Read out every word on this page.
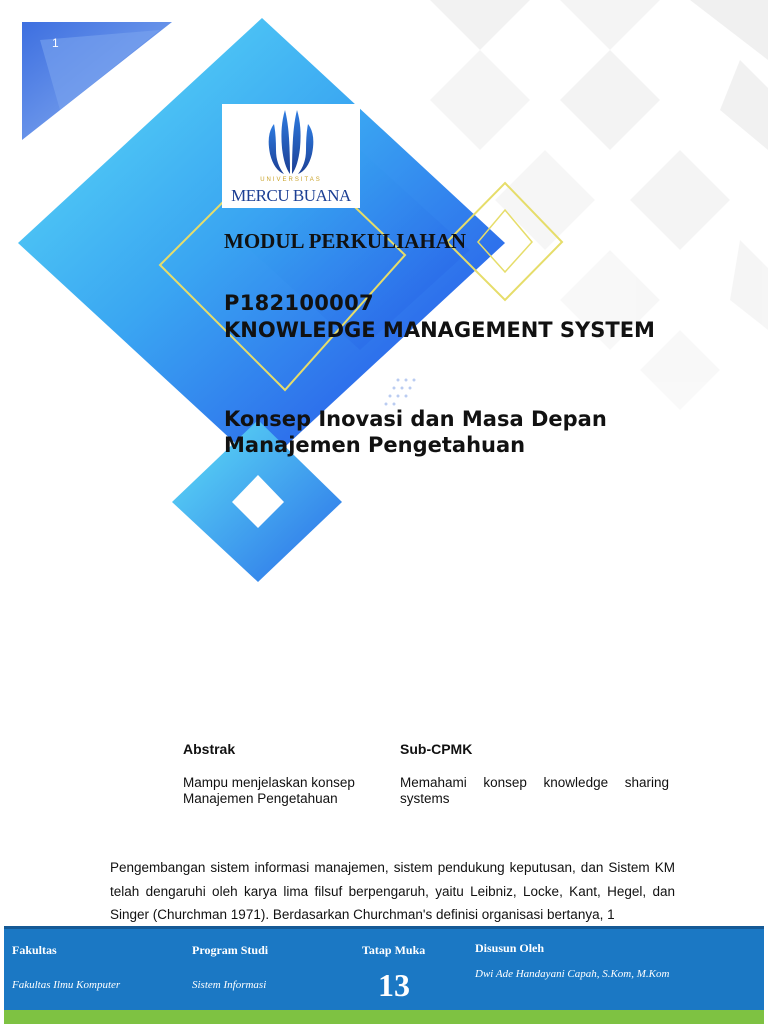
1
UNIVERSITAS
MERCU BUANA
MODUL PERKULIAHAN
P182100007
KNOWLEDGE MANAGEMENT SYSTEM
Konsep Inovasi dan Masa Depan
Manajemen Pengetahuan
Abstrak
Mampu menjelaskan konsep Manajemen Pengetahuan
Sub-CPMK
Memahami konsep knowledge sharing systems
Pengembangan sistem informasi manajemen, sistem pendukung keputusan, dan Sistem KM telah dengaruhi oleh karya lima filsuf berpengaruh, yaitu Leibniz, Locke, Kant, Hegel, dan Singer (Churchman 1971). Berdasarkan Churchman's definisi organisasi bertanya, 1
Fakultas
Fakultas Ilmu Komputer
Program Studi
Sistem Informasi
Tatap Muka
13
Disusun Oleh
Dwi Ade Handayani Capah, S.Kom, M.Kom
